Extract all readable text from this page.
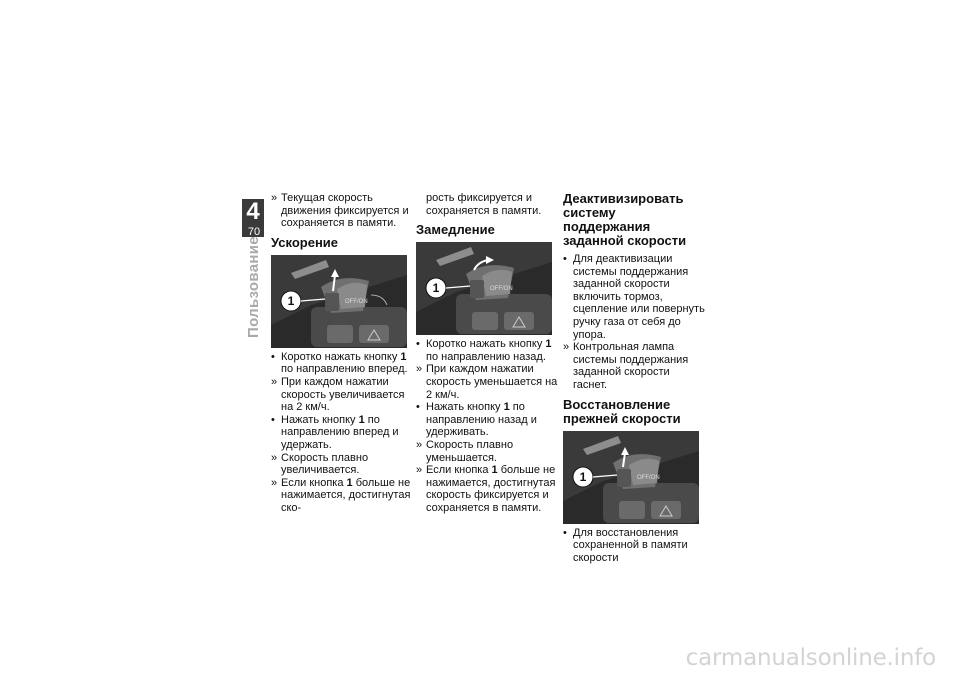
4
70
Пользование

» Текущая скорость движения фиксируется и сохраняется в памяти.

Ускорение
1	OFF/ON

• Коротко нажать кнопку 1 по направлению вперед.

» При каждом нажатии скорость увеличивается на 2 км/ч.

• Нажать кнопку 1 по направлению вперед и удержать.

» Скорость плавно увеличивается.

» Если кнопка 1 больше не нажимается, достигнутая ско-

рость фиксируется и сохраняется в памяти.

Замедление
1	OFF/ON

• Коротко нажать кнопку 1 по направлению назад.

» При каждом нажатии скорость уменьшается на 2 км/ч.

• Нажать кнопку 1 по направлению назад и удерживать.

» Скорость плавно уменьшается.

» Если кнопка 1 больше не нажимается, достигнутая скорость фиксируется и сохраняется в памяти.

Деактивизировать систему поддержания заданной скорости

• Для деактивизации системы поддержания заданной скорости включить тормоз, сцепление или повернуть ручку газа от себя до упора.

» Контрольная лампа системы поддержания заданной скорости гаснет.

Восстановление прежней скорости
1	OFF/ON

• Для восстановления сохраненной в памяти скорости

carmanualsonline.info
